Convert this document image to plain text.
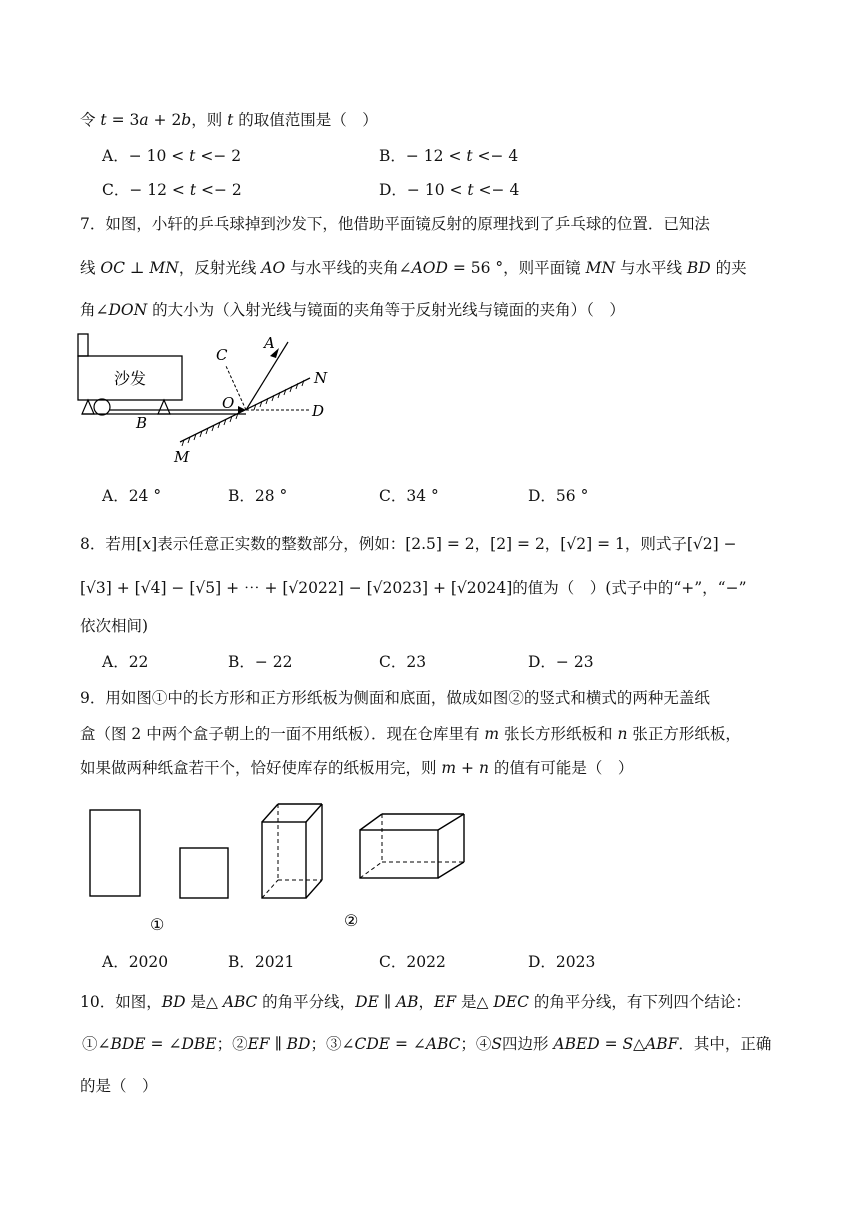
令 𝑡 = 3𝑎 + 2𝑏，则 𝑡 的取值范围是（　）
A．− 10 < 𝑡 <− 2	B．− 12 < 𝑡 <− 4
C．− 12 < 𝑡 <− 2	D．− 10 < 𝑡 <− 4
7．如图，小轩的乒乓球掉到沙发下，他借助平面镜反射的原理找到了乒乓球的位置．已知法
线 𝑂𝐶 ⊥ 𝑀𝑁，反射光线 𝐴𝑂 与水平线的夹角∠𝐴𝑂𝐷 = 56 °，则平面镜 𝑀𝑁 与水平线 𝐵𝐷 的夹
角∠𝐷𝑂𝑁 的大小为（入射光线与镜面的夹角等于反射光线与镜面的夹角）（　）
沙发
C
A
N
O	D
B
M
A．24 °	B．28 °	C．34 °	D．56 °
8．若用[𝑥]表示任意正实数的整数部分，例如：[2.5] = 2，[2] = 2，[√2] = 1，则式子[√2] −
[√3] + [√4] − [√5] + ⋯ + [√2022] − [√2023] + [√2024]的值为（　）(式子中的“+”，“−”
依次相间)
A．22	B．− 22	C．23	D．− 23
9．用如图①中的长方形和正方形纸板为侧面和底面，做成如图②的竖式和横式的两种无盖纸
盒（图 2 中两个盒子朝上的一面不用纸板）．现在仓库里有 𝑚 张长方形纸板和 𝑛 张正方形纸板，
如果做两种纸盒若干个，恰好使库存的纸板用完，则 𝑚 + 𝑛 的值有可能是（　）
①	②
A．2020	B．2021	C．2022	D．2023
10．如图，𝐵𝐷 是△ 𝐴𝐵𝐶 的角平分线，𝐷𝐸 ∥ 𝐴𝐵，𝐸𝐹 是△ 𝐷𝐸𝐶 的角平分线，有下列四个结论：
①∠𝐵𝐷𝐸 = ∠𝐷𝐵𝐸；②𝐸𝐹 ∥ 𝐵𝐷；③∠𝐶𝐷𝐸 = ∠𝐴𝐵𝐶；④𝑆四边形 𝐴𝐵𝐸𝐷 = 𝑆△𝐴𝐵𝐹．其中，正确
的是（　）
